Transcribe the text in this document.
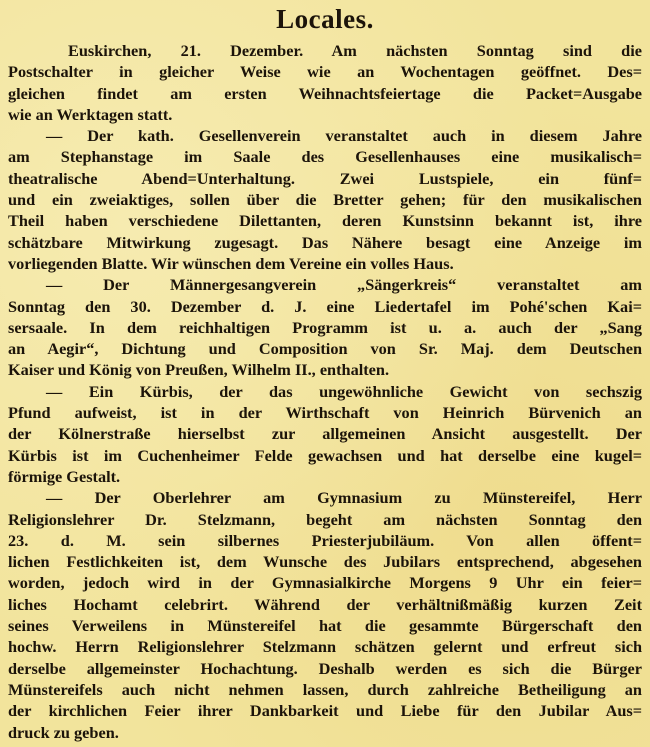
Locales.
Euskirchen, 21. Dezember. Am nächsten Sonntag sind die
Postschalter in gleicher Weise wie an Wochentagen geöffnet. Des=
gleichen findet am ersten Weihnachtsfeiertage die Packet=Ausgabe
wie an Werktagen statt.
— Der kath. Gesellenverein veranstaltet auch in diesem Jahre
am Stephanstage im Saale des Gesellenhauses eine musikalisch=
theatralische Abend=Unterhaltung. Zwei Lustspiele, ein fünf=
und ein zweiaktiges, sollen über die Bretter gehen; für den musikalischen
Theil haben verschiedene Dilettanten, deren Kunstsinn bekannt ist, ihre
schätzbare Mitwirkung zugesagt. Das Nähere besagt eine Anzeige im
vorliegenden Blatte. Wir wünschen dem Vereine ein volles Haus.
— Der Männergesangverein „Sängerkreis“ veranstaltet am
Sonntag den 30. Dezember d. J. eine Liedertafel im Pohé'schen Kai=
sersaale. In dem reichhaltigen Programm ist u. a. auch der „Sang
an Aegir“, Dichtung und Composition von Sr. Maj. dem Deutschen
Kaiser und König von Preußen, Wilhelm II., enthalten.
— Ein Kürbis, der das ungewöhnliche Gewicht von sechszig
Pfund aufweist, ist in der Wirthschaft von Heinrich Bürvenich an
der Kölnerstraße hierselbst zur allgemeinen Ansicht ausgestellt. Der
Kürbis ist im Cuchenheimer Felde gewachsen und hat derselbe eine kugel=
förmige Gestalt.
— Der Oberlehrer am Gymnasium zu Münstereifel, Herr
Religionslehrer Dr. Stelzmann, begeht am nächsten Sonntag den
23. d. M. sein silbernes Priesterjubiläum. Von allen öffent=
lichen Festlichkeiten ist, dem Wunsche des Jubilars entsprechend, abgesehen
worden, jedoch wird in der Gymnasialkirche Morgens 9 Uhr ein feier=
liches Hochamt celebrirt. Während der verhältnißmäßig kurzen Zeit
seines Verweilens in Münstereifel hat die gesammte Bürgerschaft den
hochw. Herrn Religionslehrer Stelzmann schätzen gelernt und erfreut sich
derselbe allgemeinster Hochachtung. Deshalb werden es sich die Bürger
Münstereifels auch nicht nehmen lassen, durch zahlreiche Betheiligung an
der kirchlichen Feier ihrer Dankbarkeit und Liebe für den Jubilar Aus=
druck zu geben.
